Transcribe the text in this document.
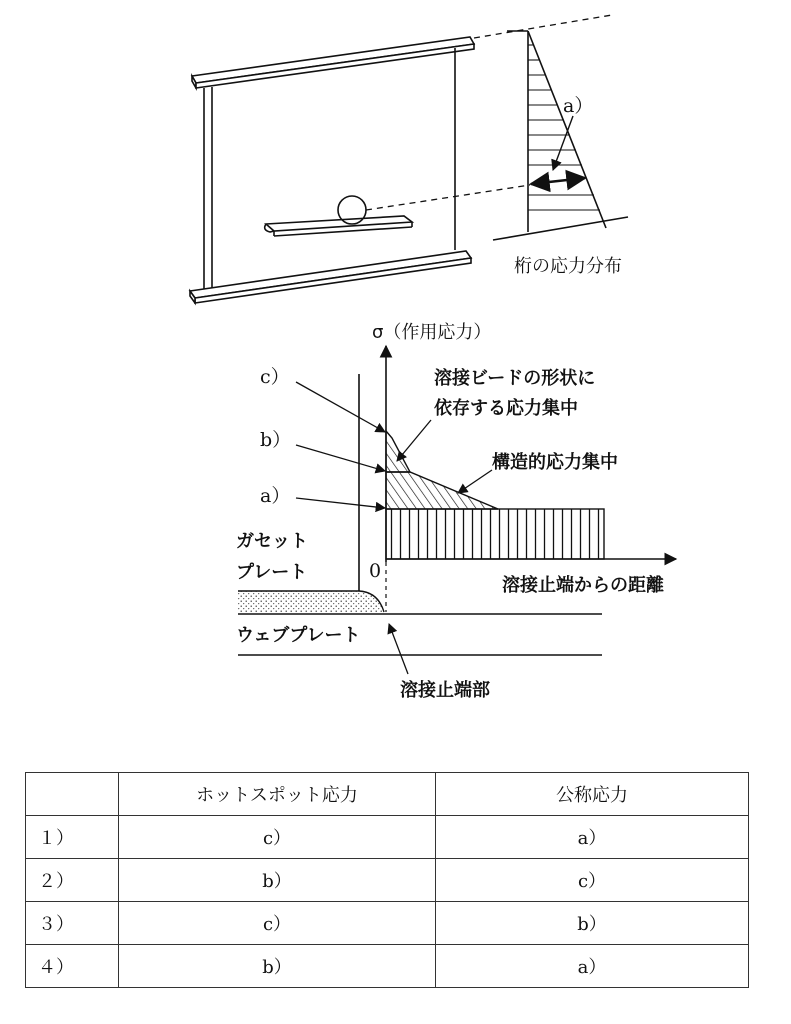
a）
桁の応力分布
σ（作用応力）
c）
b）
a）
溶接ビードの形状に
依存する応力集中
構造的応力集中
0
溶接止端からの距離
ガセット
プレート
ウェブプレート
溶接止端部
	ホットスポット応力	公称応力
１）	c）	a）
２）	b）	c）
３）	c）	b）
４）	b）	a）
